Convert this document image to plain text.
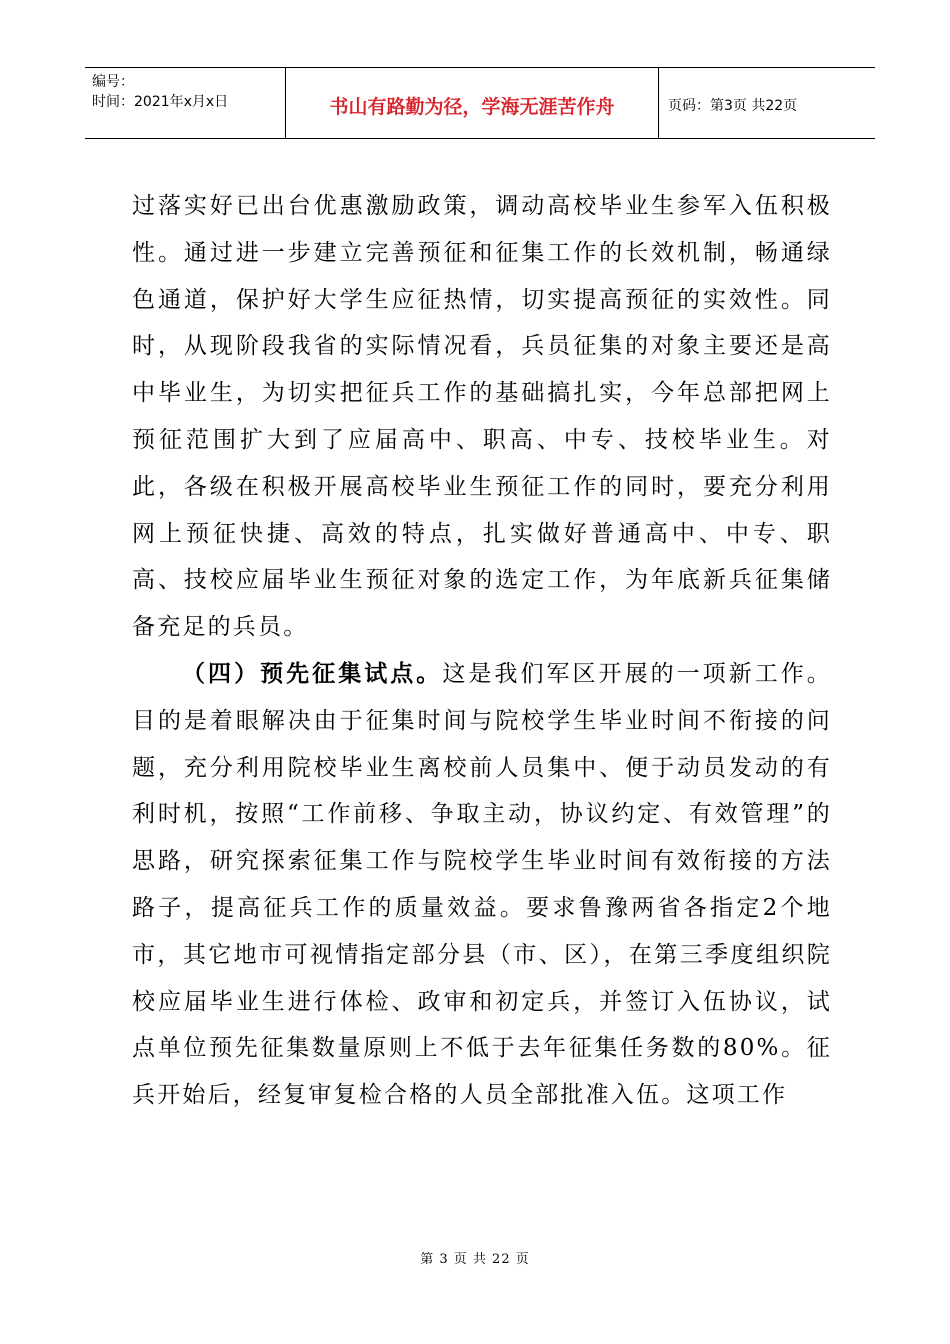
编号：
时间：2021年x月x日	书山有路勤为径，学海无涯苦作舟	页码：第3页 共22页

过落实好已出台优惠激励政策，调动高校毕业生参军入伍积极性。通过进一步建立完善预征和征集工作的长效机制，畅通绿色通道，保护好大学生应征热情，切实提高预征的实效性。同时，从现阶段我省的实际情况看，兵员征集的对象主要还是高中毕业生，为切实把征兵工作的基础搞扎实，今年总部把网上预征范围扩大到了应届高中、职高、中专、技校毕业生。对此，各级在积极开展高校毕业生预征工作的同时，要充分利用网上预征快捷、高效的特点，扎实做好普通高中、中专、职高、技校应届毕业生预征对象的选定工作，为年底新兵征集储备充足的兵员。

（四）预先征集试点。这是我们军区开展的一项新工作。目的是着眼解决由于征集时间与院校学生毕业时间不衔接的问题，充分利用院校毕业生离校前人员集中、便于动员发动的有利时机，按照“工作前移、争取主动，协议约定、有效管理”的思路，研究探索征集工作与院校学生毕业时间有效衔接的方法路子，提高征兵工作的质量效益。要求鲁豫两省各指定2个地市，其它地市可视情指定部分县（市、区），在第三季度组织院校应届毕业生进行体检、政审和初定兵，并签订入伍协议，试点单位预先征集数量原则上不低于去年征集任务数的80%。征兵开始后，经复审复检合格的人员全部批准入伍。这项工作

第 3 页 共 22 页
